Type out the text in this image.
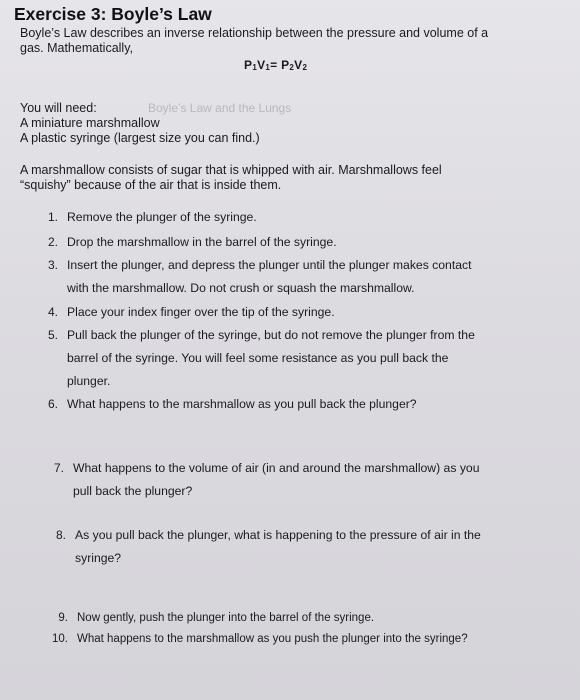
Exercise 3: Boyle’s Law
Boyle’s Law describes an inverse relationship between the pressure and volume of a
gas. Mathematically,
$P_1V_1= P_2V_2$
You will need:	Boyle’s Law and the Lungs
A miniature marshmallow
A plastic syringe (largest size you can find.)
A marshmallow consists of sugar that is whipped with air. Marshmallows feel
“squishy” because of the air that is inside them.
1. Remove the plunger of the syringe.
2. Drop the marshmallow in the barrel of the syringe.
3. Insert the plunger, and depress the plunger until the plunger makes contact
with the marshmallow. Do not crush or squash the marshmallow.
4. Place your index finger over the tip of the syringe.
5. Pull back the plunger of the syringe, but do not remove the plunger from the
barrel of the syringe. You will feel some resistance as you pull back the
plunger.
6. What happens to the marshmallow as you pull back the plunger?
7. What happens to the volume of air (in and around the marshmallow) as you
pull back the plunger?
8. As you pull back the plunger, what is happening to the pressure of air in the
syringe?
9. Now gently, push the plunger into the barrel of the syringe.
10. What happens to the marshmallow as you push the plunger into the syringe?
